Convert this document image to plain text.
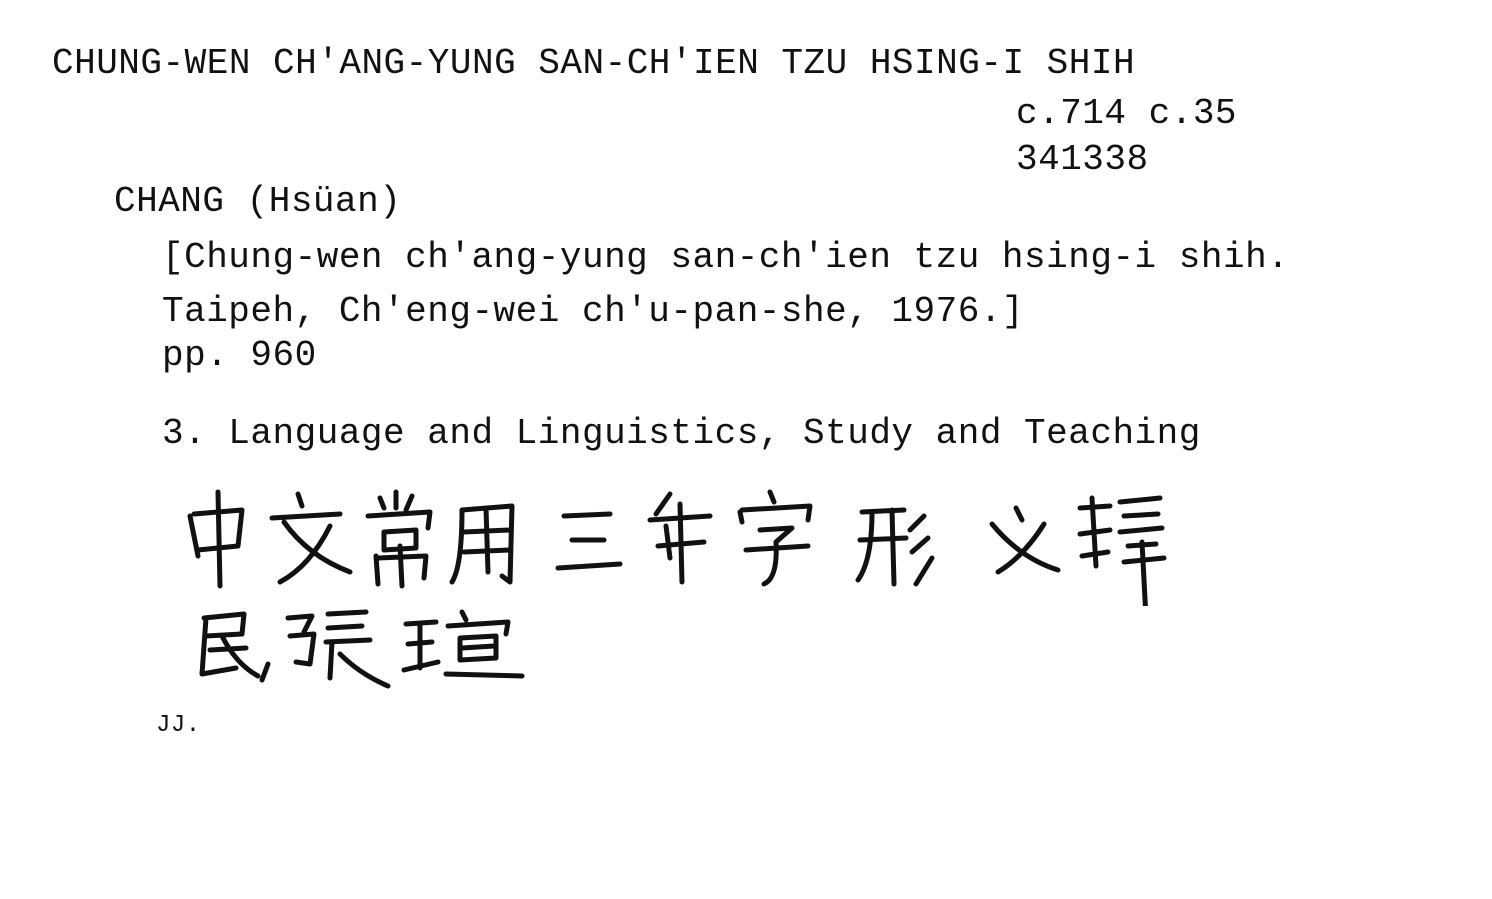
CHUNG-WEN CH'ANG-YUNG SAN-CH'IEN TZU HSING-I SHIH
c.714 c.35
341338
CHANG (Hsüan)
[Chung-wen ch'ang-yung san-ch'ien tzu hsing-i shih.
Taipeh, Ch'eng-wei ch'u-pan-she, 1976.]
pp. 960
3. Language and Linguistics, Study and Teaching
JJ.
